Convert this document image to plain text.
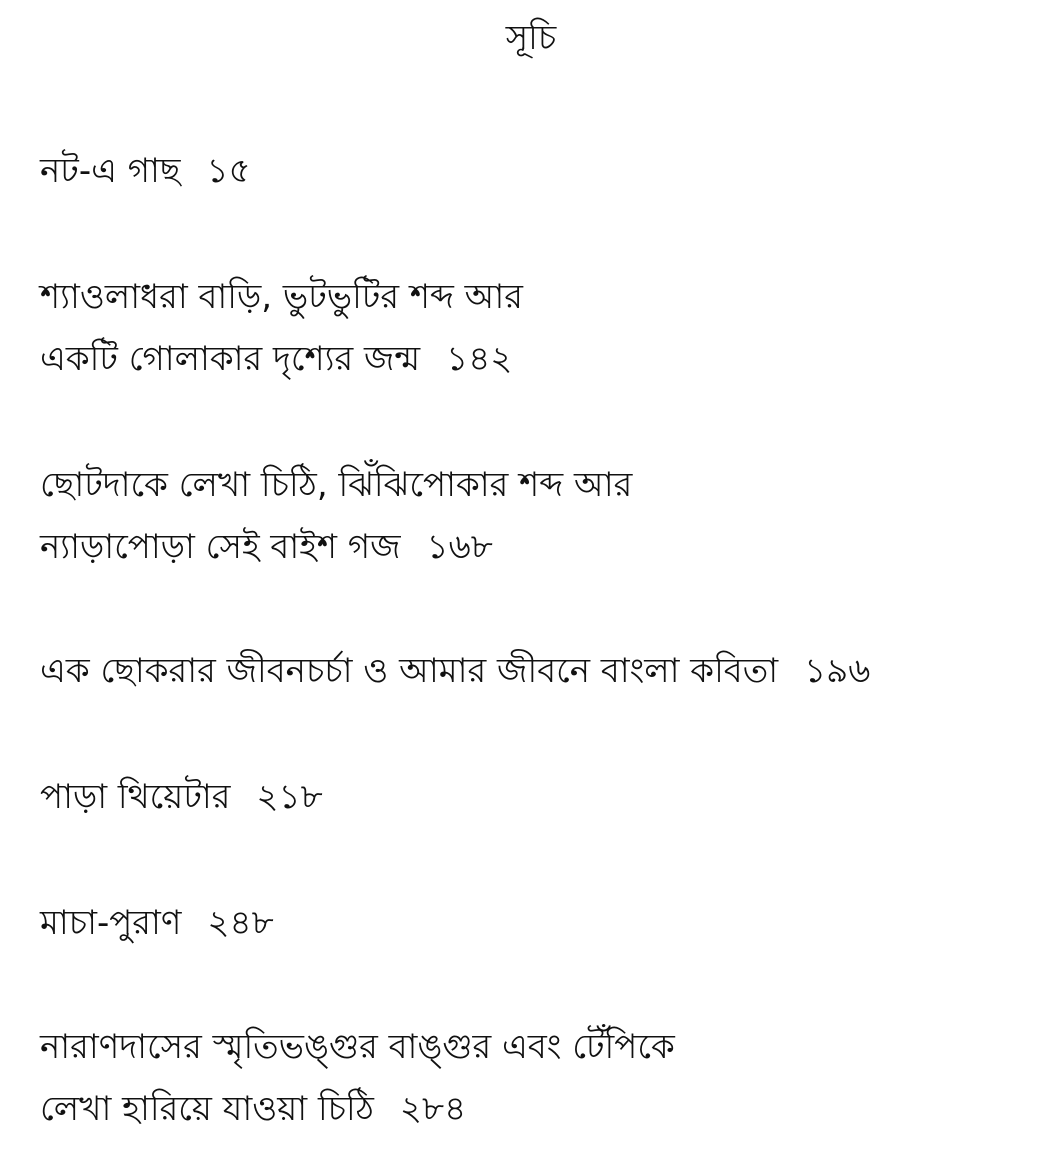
সূচি
নট-এ গাছ ১৫
শ্যাওলাধরা বাড়ি, ভুটভুটির শব্দ আর
একটি গোলাকার দৃশ্যের জন্ম ১৪২
ছোটদাকে লেখা চিঠি, ঝিঁঝিপোকার শব্দ আর
ন্যাড়াপোড়া সেই বাইশ গজ ১৬৮
এক ছোকরার জীবনচর্চা ও আমার জীবনে বাংলা কবিতা ১৯৬
পাড়া থিয়েটার ২১৮
মাচা-পুরাণ ২৪৮
নারাণদাসের স্মৃতিভঙ্গুর বাঙ্গুর এবং টেঁপিকে
লেখা হারিয়ে যাওয়া চিঠি ২৮৪
